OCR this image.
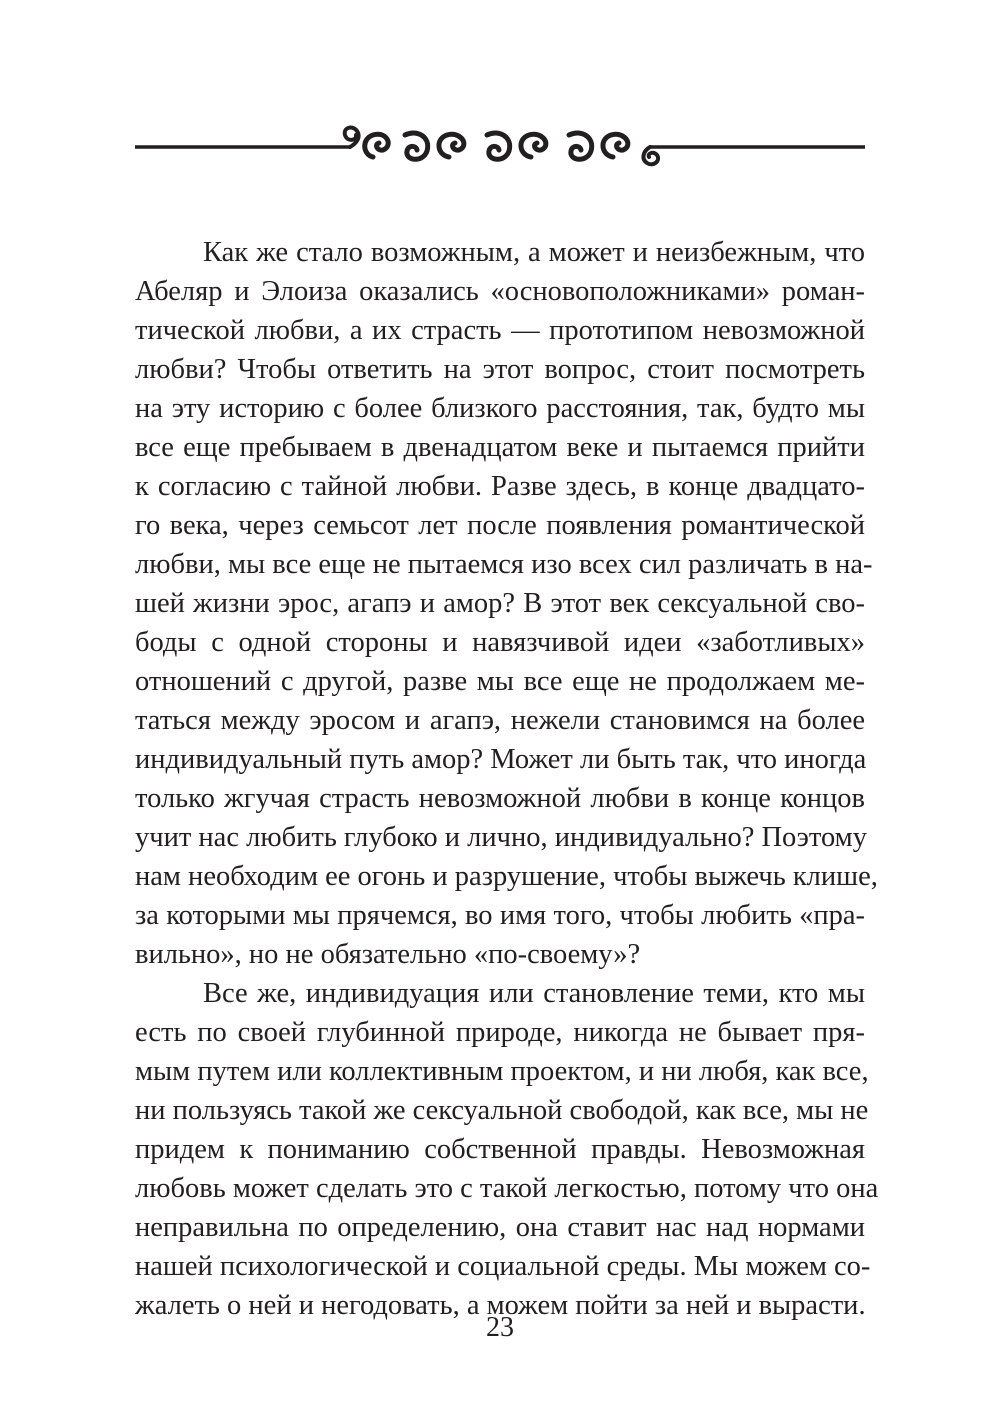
Как же стало возможным, а может и неизбежным, что
Абеляр и Элоиза оказались «основоположниками» роман-
тической любви, а их страсть — прототипом невозможной
любви? Чтобы ответить на этот вопрос, стоит посмотреть
на эту историю с более близкого расстояния, так, будто мы
все еще пребываем в двенадцатом веке и пытаемся прийти
к согласию с тайной любви. Разве здесь, в конце двадцато-
го века, через семьсот лет после появления романтической
любви, мы все еще не пытаемся изо всех сил различать в на-
шей жизни эрос, агапэ и амор? В этот век сексуальной сво-
боды с одной стороны и навязчивой идеи «заботливых»
отношений с другой, разве мы все еще не продолжаем ме-
таться между эросом и агапэ, нежели становимся на более
индивидуальный путь амор? Может ли быть так, что иногда
только жгучая страсть невозможной любви в конце концов
учит нас любить глубоко и лично, индивидуально? Поэтому
нам необходим ее огонь и разрушение, чтобы выжечь клише,
за которыми мы прячемся, во имя того, чтобы любить «пра-
вильно», но не обязательно «по-своему»?
Все же, индивидуация или становление теми, кто мы
есть по своей глубинной природе, никогда не бывает пря-
мым путем или коллективным проектом, и ни любя, как все,
ни пользуясь такой же сексуальной свободой, как все, мы не
придем к пониманию собственной правды. Невозможная
любовь может сделать это с такой легкостью, потому что она
неправильна по определению, она ставит нас над нормами
нашей психологической и социальной среды. Мы можем со-
жалеть о ней и негодовать, а можем пойти за ней и вырасти.
23
